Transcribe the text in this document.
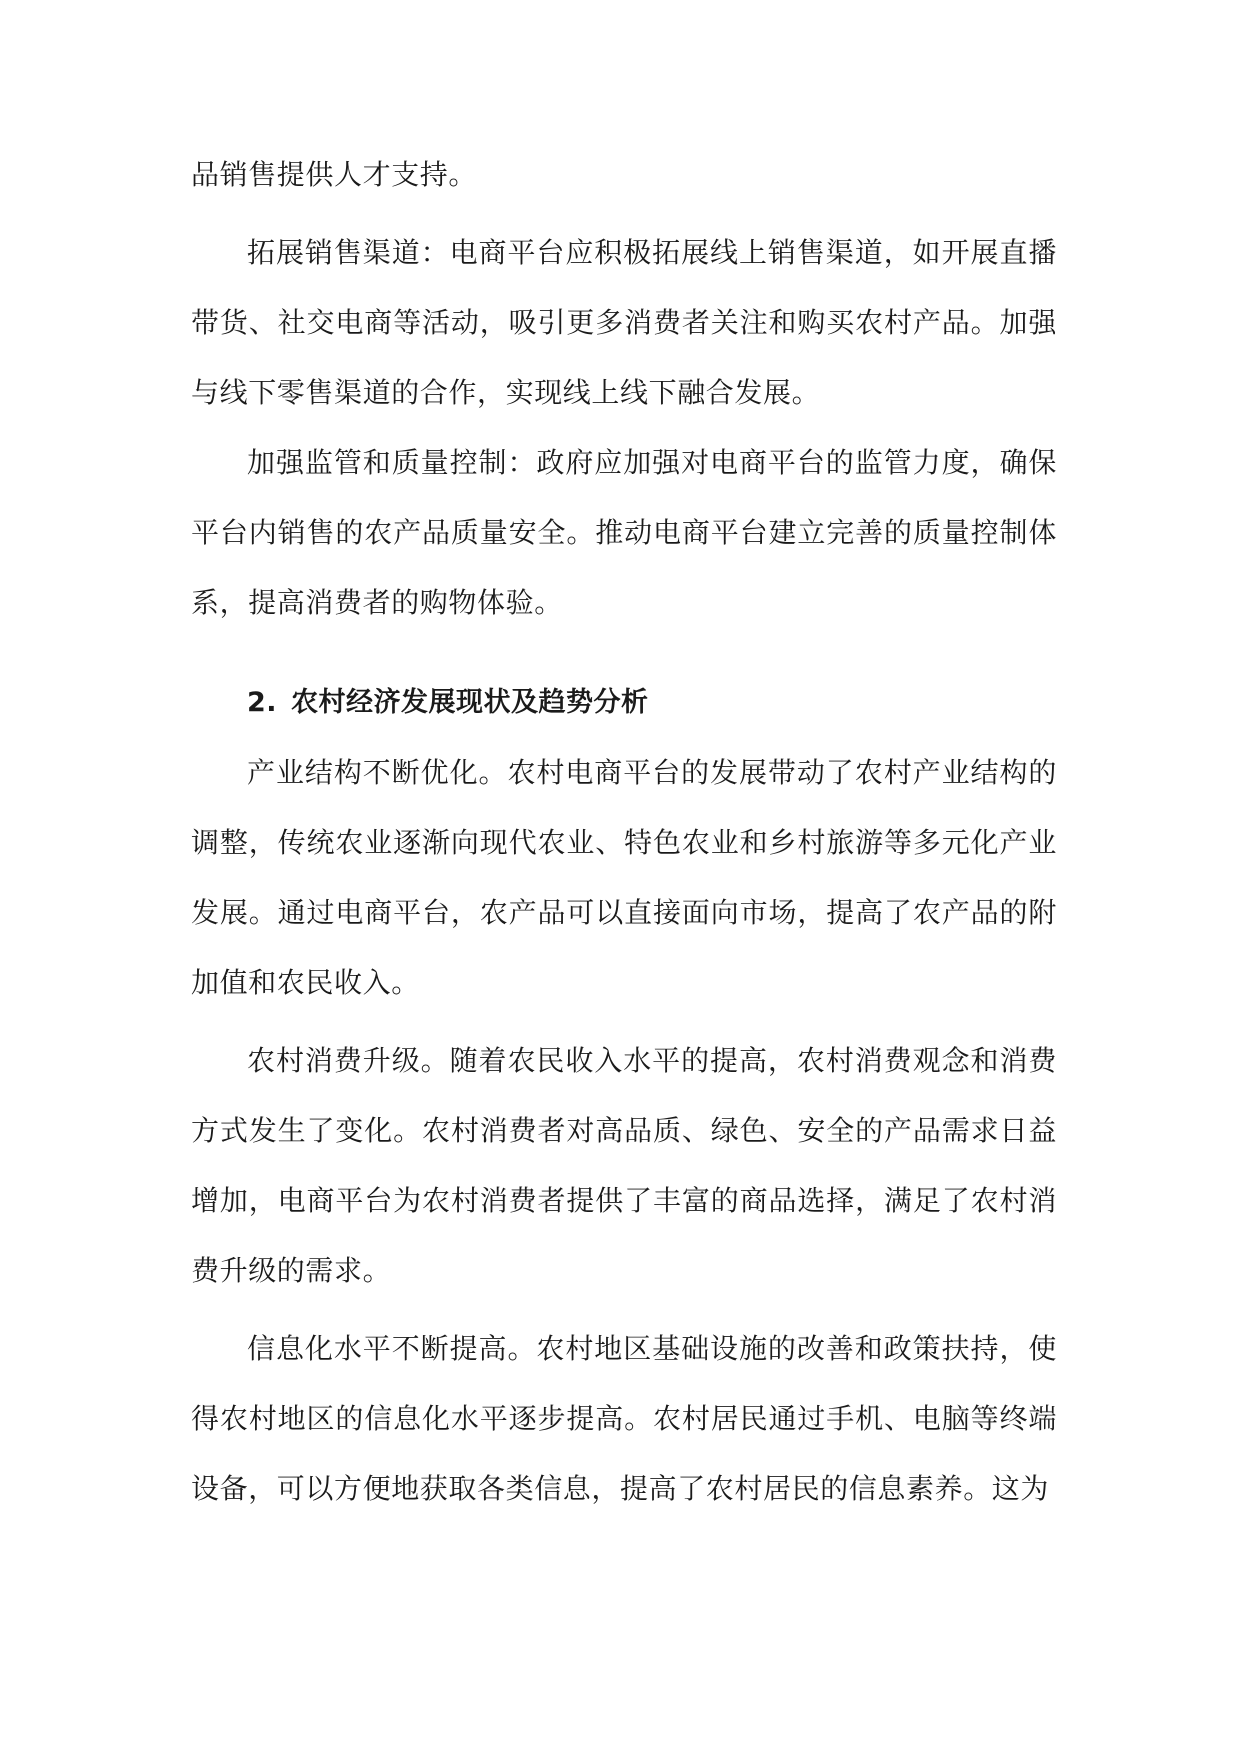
品销售提供人才支持。

拓展销售渠道：电商平台应积极拓展线上销售渠道，如开展直播带货、社交电商等活动，吸引更多消费者关注和购买农村产品。加强与线下零售渠道的合作，实现线上线下融合发展。

加强监管和质量控制：政府应加强对电商平台的监管力度，确保平台内销售的农产品质量安全。推动电商平台建立完善的质量控制体系，提高消费者的购物体验。

2. 农村经济发展现状及趋势分析

产业结构不断优化。农村电商平台的发展带动了农村产业结构的调整，传统农业逐渐向现代农业、特色农业和乡村旅游等多元化产业发展。通过电商平台，农产品可以直接面向市场，提高了农产品的附加值和农民收入。

农村消费升级。随着农民收入水平的提高，农村消费观念和消费方式发生了变化。农村消费者对高品质、绿色、安全的产品需求日益增加，电商平台为农村消费者提供了丰富的商品选择，满足了农村消费升级的需求。

信息化水平不断提高。农村地区基础设施的改善和政策扶持，使得农村地区的信息化水平逐步提高。农村居民通过手机、电脑等终端设备，可以方便地获取各类信息，提高了农村居民的信息素养。这为
